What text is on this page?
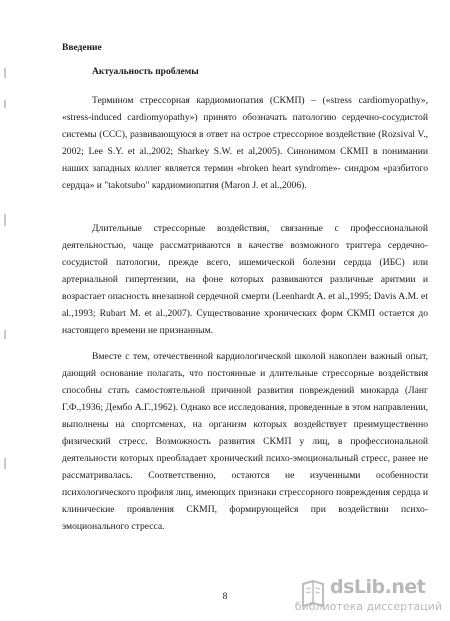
Введение
Актуальность проблемы

Термином стрессорная кардиомиопатия (СКМП) – («stress cardiomyopathy», «stress-induced cardiomyopathy») принято обозначать патологию сердечно-сосудистой системы (ССС), развивающуюся в ответ на острое стрессорное воздействие (Rozsival V., 2002; Lee S.Y. et al.,2002; Sharkey S.W. et al,2005). Синонимом СКМП в понимании наших западных коллег является термин «broken heart syndrome»- синдром «разбитого сердца» и "takotsubo" кардиомиопатия (Maron J. et al.,2006).

Длительные стрессорные воздействия, связанные с профессиональной деятельностью, чаще рассматриваются в качестве возможного триггера сердечно-сосудистой патологии, прежде всего, ишемической болезни сердца (ИБС) или артериальной гипертензии, на фоне которых развиваются различные аритмии и возрастает опасность внезапной сердечной смерти (Leenhardt A. et al.,1995; Davis A.M. et al.,1993; Rubart M. et al.,2007). Существование хронических форм СКМП остается до настоящего времени не признанным.

Вместе с тем, отечественной кардиологической школой накоплен важный опыт, дающий основание полагать, что постоянные и длительные стрессорные воздействия способны стать самостоятельной причиной развития повреждений миокарда (Ланг Г.Ф.,1936; Дембо А.Г.,1962). Однако все исследования, проведенные в этом направлении, выполнены на спортсменах, на организм которых воздействует преимущественно физический стресс. Возможность развития СКМП у лиц, в профессиональной деятельности которых преобладает хронический психо-эмоциональный стресс, ранее не рассматривалась. Соответственно, остаются не изученными особенности психологического профиля лиц, имеющих признаки стрессорного повреждения сердца и клинические проявления СКМП, формирующейся при воздействии психо-эмоционального стресса.

8	dsLib.net
библиотека диссертаций
